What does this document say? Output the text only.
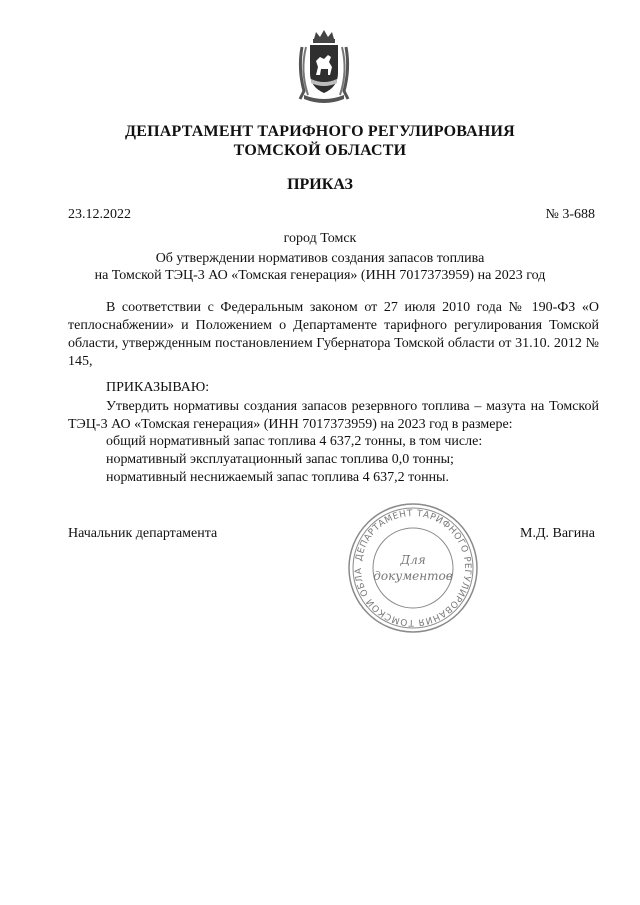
ДЕПАРТАМЕНТ ТАРИФНОГО РЕГУЛИРОВАНИЯ
ТОМСКОЙ ОБЛАСТИ
ПРИКАЗ
23.12.2022	№ 3-688
город Томск
Об утверждении нормативов создания запасов топлива
на Томской ТЭЦ-3 АО «Томская генерация» (ИНН 7017373959) на 2023 год

В соответствии с Федеральным законом от 27 июля 2010 года № 190-ФЗ «О теплоснабжении» и Положением о Департаменте тарифного регулирования Томской области, утвержденным постановлением Губернатора Томской области от 31.10. 2012 № 145,

ПРИКАЗЫВАЮ:

Утвердить нормативы создания запасов резервного топлива – мазута на Томской ТЭЦ-3 АО «Томская генерация» (ИНН 7017373959) на 2023 год в размере:

общий нормативный запас топлива 4 637,2 тонны, в том числе:
нормативный эксплуатационный запас топлива 0,0 тонны;
нормативный неснижаемый запас топлива 4 637,2 тонны.
Начальник департамента	М.Д. Вагина
ДЕПАРТАМЕНТ ТАРИФНОГО РЕГУЛИРОВАНИЯ ТОМСКОЙ ОБЛА
Для
документов
